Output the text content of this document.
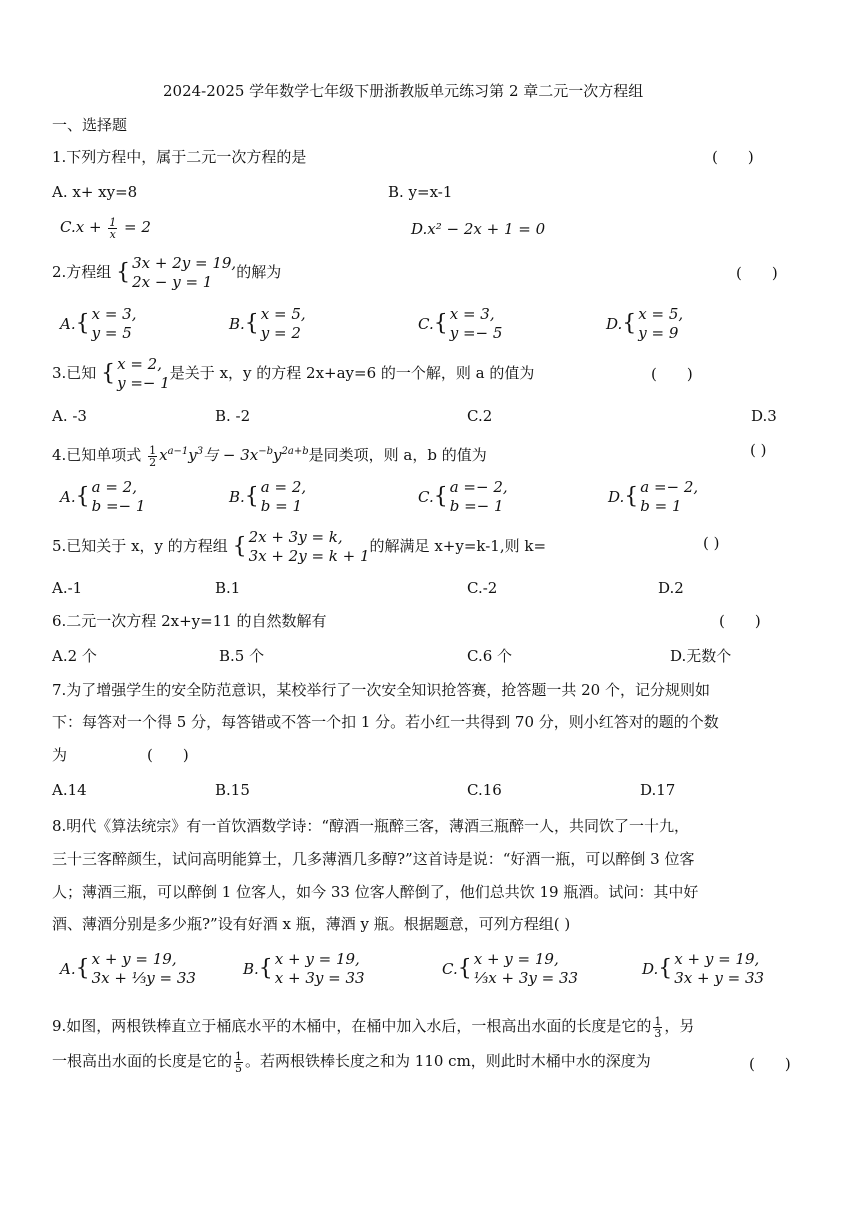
2024-2025 学年数学七年级下册浙教版单元练习第 2 章二元一次方程组
一、选择题
1.下列方程中，属于二元一次方程的是	(　　)
A. x+ xy=8	B. y=x-1
$C.x + \frac{1}{x} = 2$	D.x² − 2x + 1 = 0
2.方程组 { 3x + 2y = 19,
2x − y = 1
的解为	(　　)
A. { x = 3,
y = 5	B. { x = 5,
y = 2	C. { x = 3,
y =− 5	D. { x = 5,
y = 9
3.已知 { x = 2,
y =− 1
是关于 x，y 的方程 2x+ay=6 的一个解，则 a 的值为	(　　)
A. -3	B. -2	C.2	D.3
4.已知单项式 $\frac{1}{2} x^{a-1}y^3$与 − $3x^{-b}y^{2a+b}$是同类项，则 a，b 的值为	( )
A. { a = 2,
b =− 1	B. { a = 2,
b = 1	C. { a =− 2,
b =− 1	D. { a =− 2,
b = 1
5.已知关于 x，y 的方程组 { 2x + 3y = k,
3x + 2y = k + 1
的解满足 x+y=k-1,则 k=	( )
A.-1	B.1	C.-2	D.2
6.二元一次方程 2x+y=11 的自然数解有	(　　)
A.2 个	B.5 个	C.6 个	D.无数个
7.为了增强学生的安全防范意识，某校举行了一次安全知识抢答赛，抢答题一共 20 个，记分规则如
下：每答对一个得 5 分，每答错或不答一个扣 1 分。若小红一共得到 70 分，则小红答对的题的个数
为	(　　)
A.14	B.15	C.16	D.17
8.明代《算法统宗》有一首饮酒数学诗：“醇酒一瓶醉三客，薄酒三瓶醉一人，共同饮了一十九，
三十三客醉颜生，试问高明能算士，几多薄酒几多醇?”这首诗是说：“好酒一瓶，可以醉倒 3 位客
人；薄酒三瓶，可以醉倒 1 位客人，如今 33 位客人醉倒了，他们总共饮 19 瓶酒。试问：其中好
酒、薄酒分别是多少瓶?”设有好酒 x 瓶，薄酒 y 瓶。根据题意，可列方程组( )
A. { x + y = 19,
3x + ⅓y = 33	B. { x + y = 19,
x + 3y = 33	C. { x + y = 19,
⅓x + 3y = 33	D. { x + y = 19,
3x + y = 33
9.如图，两根铁棒直立于桶底水平的木桶中，在桶中加入水后，一根高出水面的长度是它的 $\frac{1}{3}$ ，另
一根高出水面的长度是它的 $\frac{1}{5}$ 。若两根铁棒长度之和为 110 cm，则此时木桶中水的深度为	(　　)
